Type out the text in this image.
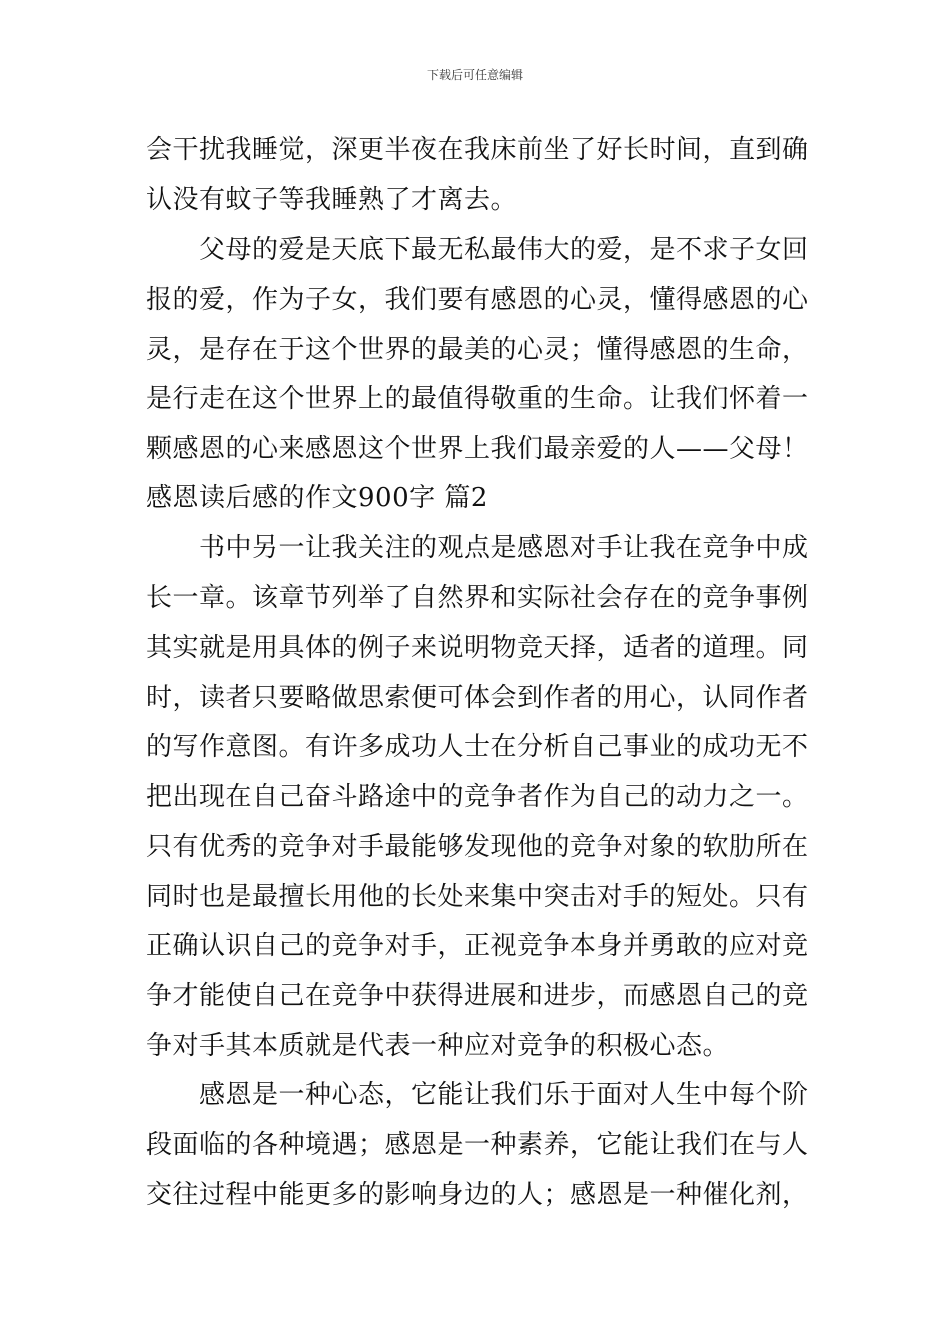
下载后可任意编辑
会干扰我睡觉，深更半夜在我床前坐了好长时间，直到确
认没有蚊子等我睡熟了才离去。
　　父母的爱是天底下最无私最伟大的爱，是不求子女回
报的爱，作为子女，我们要有感恩的心灵，懂得感恩的心
灵，是存在于这个世界的最美的心灵；懂得感恩的生命，
是行走在这个世界上的最值得敬重的生命。让我们怀着一
颗感恩的心来感恩这个世界上我们最亲爱的人——父母！
感恩读后感的作文900字 篇2
　　书中另一让我关注的观点是感恩对手让我在竞争中成
长一章。该章节列举了自然界和实际社会存在的竞争事例
其实就是用具体的例子来说明物竞天择，适者的道理。同
时，读者只要略做思索便可体会到作者的用心，认同作者
的写作意图。有许多成功人士在分析自己事业的成功无不
把出现在自己奋斗路途中的竞争者作为自己的动力之一。
只有优秀的竞争对手最能够发现他的竞争对象的软肋所在
同时也是最擅长用他的长处来集中突击对手的短处。只有
正确认识自己的竞争对手，正视竞争本身并勇敢的应对竞
争才能使自己在竞争中获得进展和进步，而感恩自己的竞
争对手其本质就是代表一种应对竞争的积极心态。
　　感恩是一种心态，它能让我们乐于面对人生中每个阶
段面临的各种境遇；感恩是一种素养，它能让我们在与人
交往过程中能更多的影响身边的人；感恩是一种催化剂，
